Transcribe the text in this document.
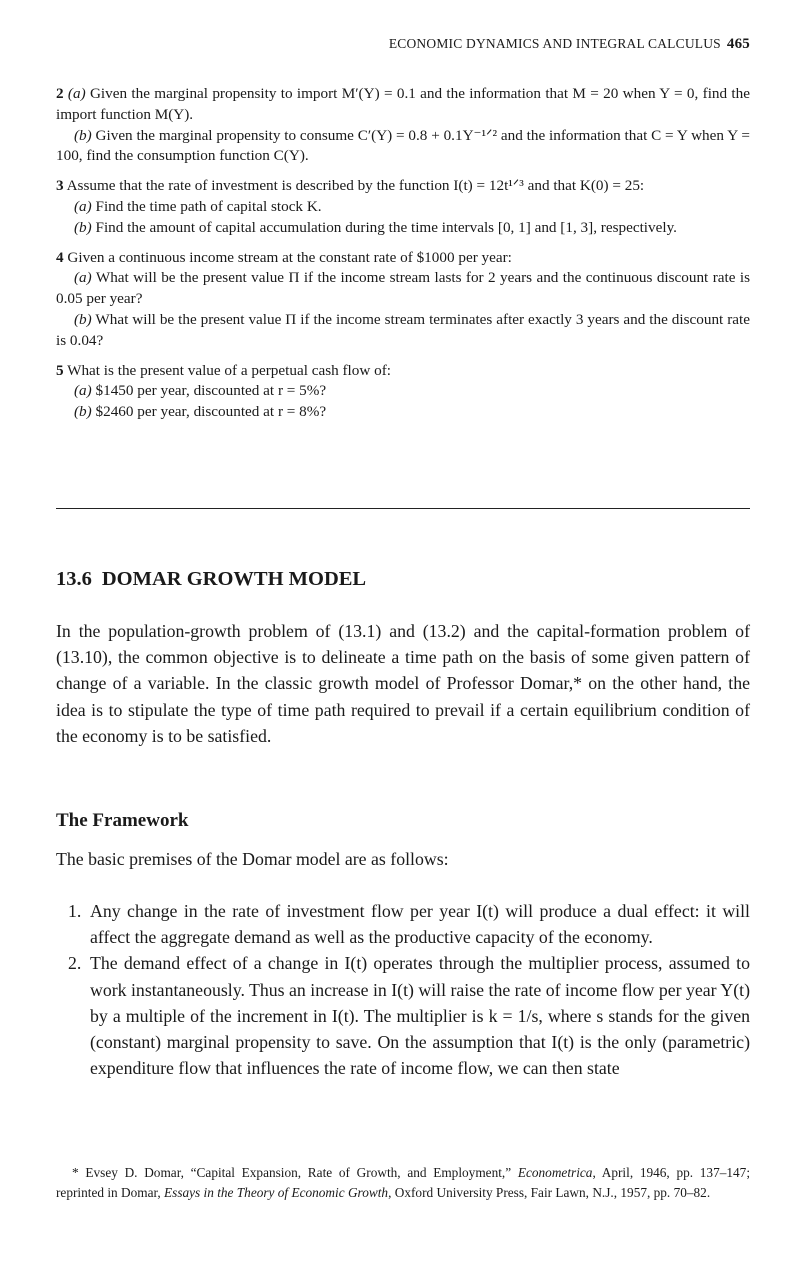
ECONOMIC DYNAMICS AND INTEGRAL CALCULUS 465

2 (a) Given the marginal propensity to import M′(Y) = 0.1 and the information that M = 20 when Y = 0, find the import function M(Y).

(b) Given the marginal propensity to consume C′(Y) = 0.8 + 0.1Y⁻¹ᐟ² and the information that C = Y when Y = 100, find the consumption function C(Y).

3 Assume that the rate of investment is described by the function I(t) = 12t¹ᐟ³ and that K(0) = 25:

(a) Find the time path of capital stock K.

(b) Find the amount of capital accumulation during the time intervals [0, 1] and [1, 3], respectively.

4 Given a continuous income stream at the constant rate of $1000 per year:

(a) What will be the present value Π if the income stream lasts for 2 years and the continuous discount rate is 0.05 per year?

(b) What will be the present value Π if the income stream terminates after exactly 3 years and the discount rate is 0.04?

5 What is the present value of a perpetual cash flow of:

(a) $1450 per year, discounted at r = 5%?

(b) $2460 per year, discounted at r = 8%?

13.6 DOMAR GROWTH MODEL

In the population-growth problem of (13.1) and (13.2) and the capital-formation problem of (13.10), the common objective is to delineate a time path on the basis of some given pattern of change of a variable. In the classic growth model of Professor Domar,* on the other hand, the idea is to stipulate the type of time path required to prevail if a certain equilibrium condition of the economy is to be satisfied.

The Framework

The basic premises of the Domar model are as follows:

1. Any change in the rate of investment flow per year I(t) will produce a dual effect: it will affect the aggregate demand as well as the productive capacity of the economy.
2. The demand effect of a change in I(t) operates through the multiplier process, assumed to work instantaneously. Thus an increase in I(t) will raise the rate of income flow per year Y(t) by a multiple of the increment in I(t). The multiplier is k = 1/s, where s stands for the given (constant) marginal propensity to save. On the assumption that I(t) is the only (parametric) expenditure flow that influences the rate of income flow, we can then state

* Evsey D. Domar, “Capital Expansion, Rate of Growth, and Employment,” Econometrica, April, 1946, pp. 137–147; reprinted in Domar, Essays in the Theory of Economic Growth, Oxford University Press, Fair Lawn, N.J., 1957, pp. 70–82.
